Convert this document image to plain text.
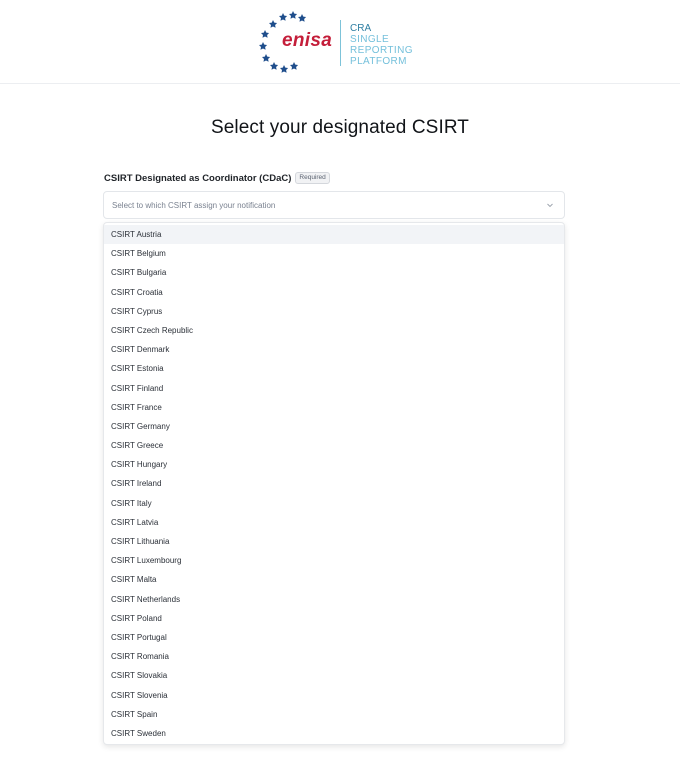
enisa
CRA
SINGLE
REPORTING
PLATFORM
Select your designated CSIRT
CSIRT Designated as Coordinator (CDaC)	Required
Select to which CSIRT assign your notification
CSIRT Austria
CSIRT Belgium
CSIRT Bulgaria
CSIRT Croatia
CSIRT Cyprus
CSIRT Czech Republic
CSIRT Denmark
CSIRT Estonia
CSIRT Finland
CSIRT France
CSIRT Germany
CSIRT Greece
CSIRT Hungary
CSIRT Ireland
CSIRT Italy
CSIRT Latvia
CSIRT Lithuania
CSIRT Luxembourg
CSIRT Malta
CSIRT Netherlands
CSIRT Poland
CSIRT Portugal
CSIRT Romania
CSIRT Slovakia
CSIRT Slovenia
CSIRT Spain
CSIRT Sweden
